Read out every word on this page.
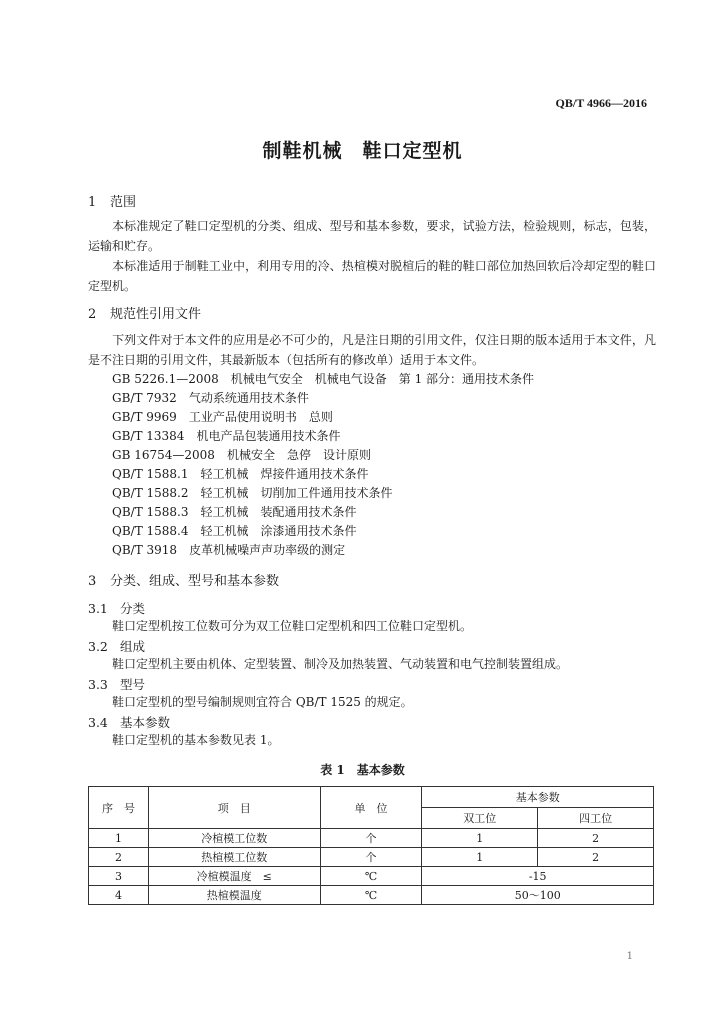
QB/T 4966—2016
制鞋机械　鞋口定型机
1 范围
本标准规定了鞋口定型机的分类、组成、型号和基本参数，要求，试验方法，检验规则，标志，包装，运输和贮存。
本标准适用于制鞋工业中，利用专用的冷、热楦模对脱楦后的鞋的鞋口部位加热回软后冷却定型的鞋口定型机。
2 规范性引用文件
下列文件对于本文件的应用是必不可少的，凡是注日期的引用文件，仅注日期的版本适用于本文件，凡是不注日期的引用文件，其最新版本（包括所有的修改单）适用于本文件。
GB 5226.1—2008 机械电气安全　机械电气设备　第 1 部分：通用技术条件
GB/T 7932 气动系统通用技术条件
GB/T 9969 工业产品使用说明书　总则
GB/T 13384 机电产品包装通用技术条件
GB 16754—2008 机械安全　急停　设计原则
QB/T 1588.1 轻工机械　焊接件通用技术条件
QB/T 1588.2 轻工机械　切削加工件通用技术条件
QB/T 1588.3 轻工机械　装配通用技术条件
QB/T 1588.4 轻工机械　涂漆通用技术条件
QB/T 3918 皮革机械噪声声功率级的测定
3 分类、组成、型号和基本参数
3.1 分类
鞋口定型机按工位数可分为双工位鞋口定型机和四工位鞋口定型机。
3.2 组成
鞋口定型机主要由机体、定型装置、制冷及加热装置、气动装置和电气控制装置组成。
3.3 型号
鞋口定型机的型号编制规则宜符合 QB/T 1525 的规定。
3.4 基本参数
鞋口定型机的基本参数见表 1。
表 1　基本参数
序　号	项　目	单　位	基本参数	
			双工位	四工位
1	冷楦模工位数	个	1	2
2	热楦模工位数	个	1	2
3	冷楦模温度　≤	℃	-15	
4	热楦模温度	℃	50～100	
1
